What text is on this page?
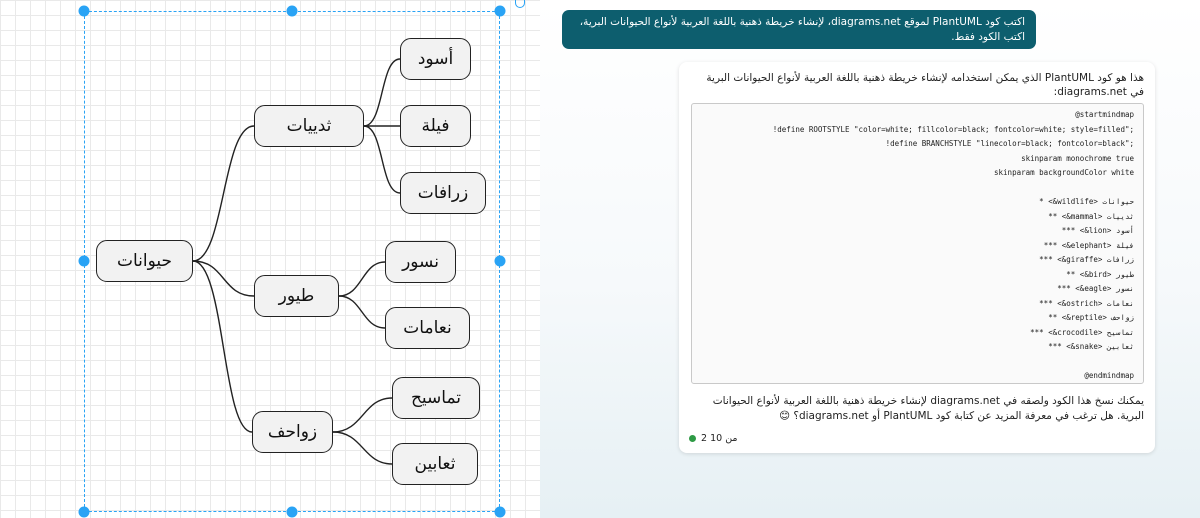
حيوانات
ثدييات
طيور
زواحف
أسود
فيلة
زرافات
نسور
نعامات
تماسيح
ثعابين
اكتب كود PlantUML لموقع diagrams.net، لإنشاء خريطة ذهنية باللغة العربية لأنواع الحيوانات البرية، اكتب الكود فقط.
هذا هو كود PlantUML الذي يمكن استخدامه لإنشاء خريطة ذهنية باللغة العربية لأنواع الحيوانات البرية في diagrams.net:
@startmindmap
!define ROOTSTYLE "color=white; fillcolor=black; fontcolor=white; style=filled";
!define BRANCHSTYLE "linecolor=black; fontcolor=black";
skinparam monochrome true
skinparam backgroundColor white
* <&wildlife> حيوانات
** <&mammal> ثدييات
*** <&lion> أسود
*** <&elephant> فيلة
*** <&giraffe> زرافات
** <&bird> طيور
*** <&eagle> نسور
*** <&ostrich> نعامات
** <&reptile> زواحف
*** <&crocodile> تماسيح
*** <&snake> ثعابين
@endmindmap
يمكنك نسخ هذا الكود ولصقه في diagrams.net لإنشاء خريطة ذهنية باللغة العربية لأنواع الحيوانات البرية. هل ترغب في معرفة المزيد عن كتابة كود PlantUML أو diagrams.net؟ 😊
2 من 10
